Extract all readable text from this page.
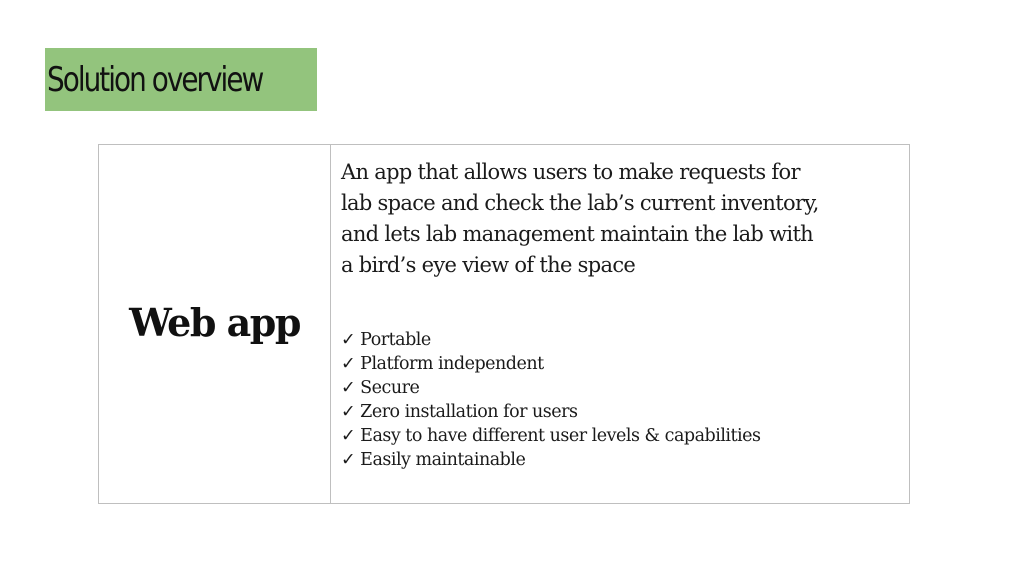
Solution overview
Web app

An app that allows users to make requests for
lab space and check the lab’s current inventory,
and lets lab management maintain the lab with
a bird’s eye view of the space

✓ Portable
✓ Platform independent
✓ Secure
✓ Zero installation for users
✓ Easy to have different user levels & capabilities
✓ Easily maintainable
